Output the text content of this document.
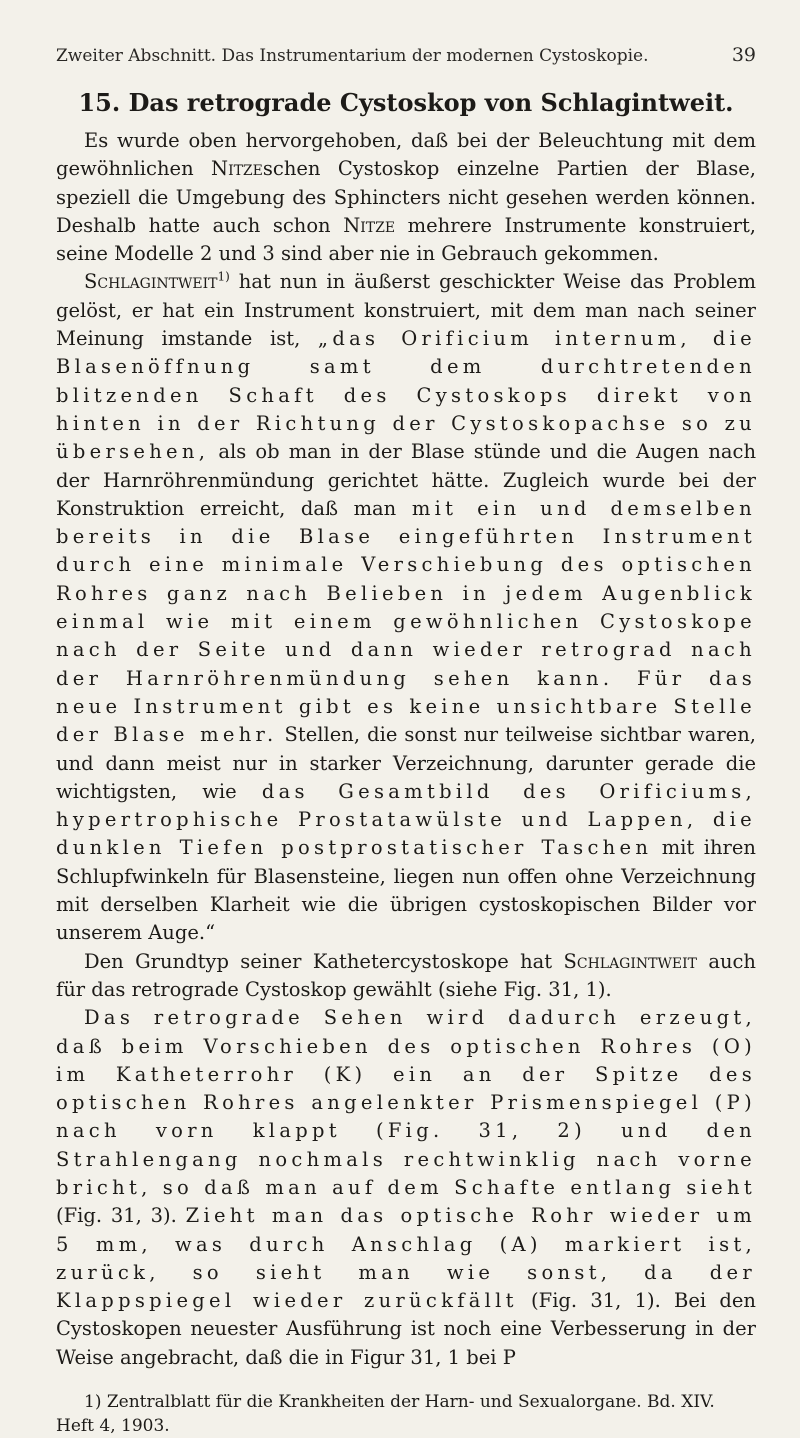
Zweiter Abschnitt. Das Instrumentarium der modernen Cystoskopie.	39
15. Das retrograde Cystoskop von Schlagintweit.

Es wurde oben hervorgehoben, daß bei der Beleuchtung mit dem gewöhnlichen Nitzeschen Cystoskop einzelne Partien der Blase, speziell die Umgebung des Sphincters nicht gesehen werden können. Deshalb hatte auch schon Nitze mehrere Instrumente konstruiert, seine Modelle 2 und 3 sind aber nie in Gebrauch gekommen.

Schlagintweit$^{1)}$ hat nun in äußerst geschickter Weise das Problem gelöst, er hat ein Instrument konstruiert, mit dem man nach seiner Meinung imstande ist, „das Orificium internum, die Blasenöffnung samt dem durchtretenden blitzenden Schaft des Cystoskops direkt von hinten in der Richtung der Cystoskopachse so zu übersehen, als ob man in der Blase stünde und die Augen nach der Harnröhrenmündung gerichtet hätte. Zugleich wurde bei der Konstruktion erreicht, daß man mit ein und demselben bereits in die Blase eingeführten Instrument durch eine minimale Verschiebung des optischen Rohres ganz nach Belieben in jedem Augenblick einmal wie mit einem gewöhnlichen Cystoskope nach der Seite und dann wieder retrograd nach der Harnröhrenmündung sehen kann. Für das neue Instrument gibt es keine unsichtbare Stelle der Blase mehr. Stellen, die sonst nur teilweise sichtbar waren, und dann meist nur in starker Verzeichnung, darunter gerade die wichtigsten, wie das Gesamtbild des Orificiums, hypertrophische Prostatawülste und Lappen, die dunklen Tiefen postprostatischer Taschen mit ihren Schlupfwinkeln für Blasensteine, liegen nun offen ohne Verzeichnung mit derselben Klarheit wie die übrigen cystoskopischen Bilder vor unserem Auge.“

Den Grundtyp seiner Kathetercystoskope hat Schlagintweit auch für das retrograde Cystoskop gewählt (siehe Fig. 31, 1).

Das retrograde Sehen wird dadurch erzeugt, daß beim Vorschieben des optischen Rohres (O) im Katheterrohr (K) ein an der Spitze des optischen Rohres angelenkter Prismenspiegel (P) nach vorn klappt (Fig. 31, 2) und den Strahlengang nochmals rechtwinklig nach vorne bricht, so daß man auf dem Schafte entlang sieht (Fig. 31, 3). Zieht man das optische Rohr wieder um 5 mm, was durch Anschlag (A) markiert ist, zurück, so sieht man wie sonst, da der Klappspiegel wieder zurückfällt (Fig. 31, 1). Bei den Cystoskopen neuester Ausführung ist noch eine Verbesserung in der Weise angebracht, daß die in Figur 31, 1 bei P

1) Zentralblatt für die Krankheiten der Harn- und Sexualorgane. Bd. XIV. Heft 4, 1903.
